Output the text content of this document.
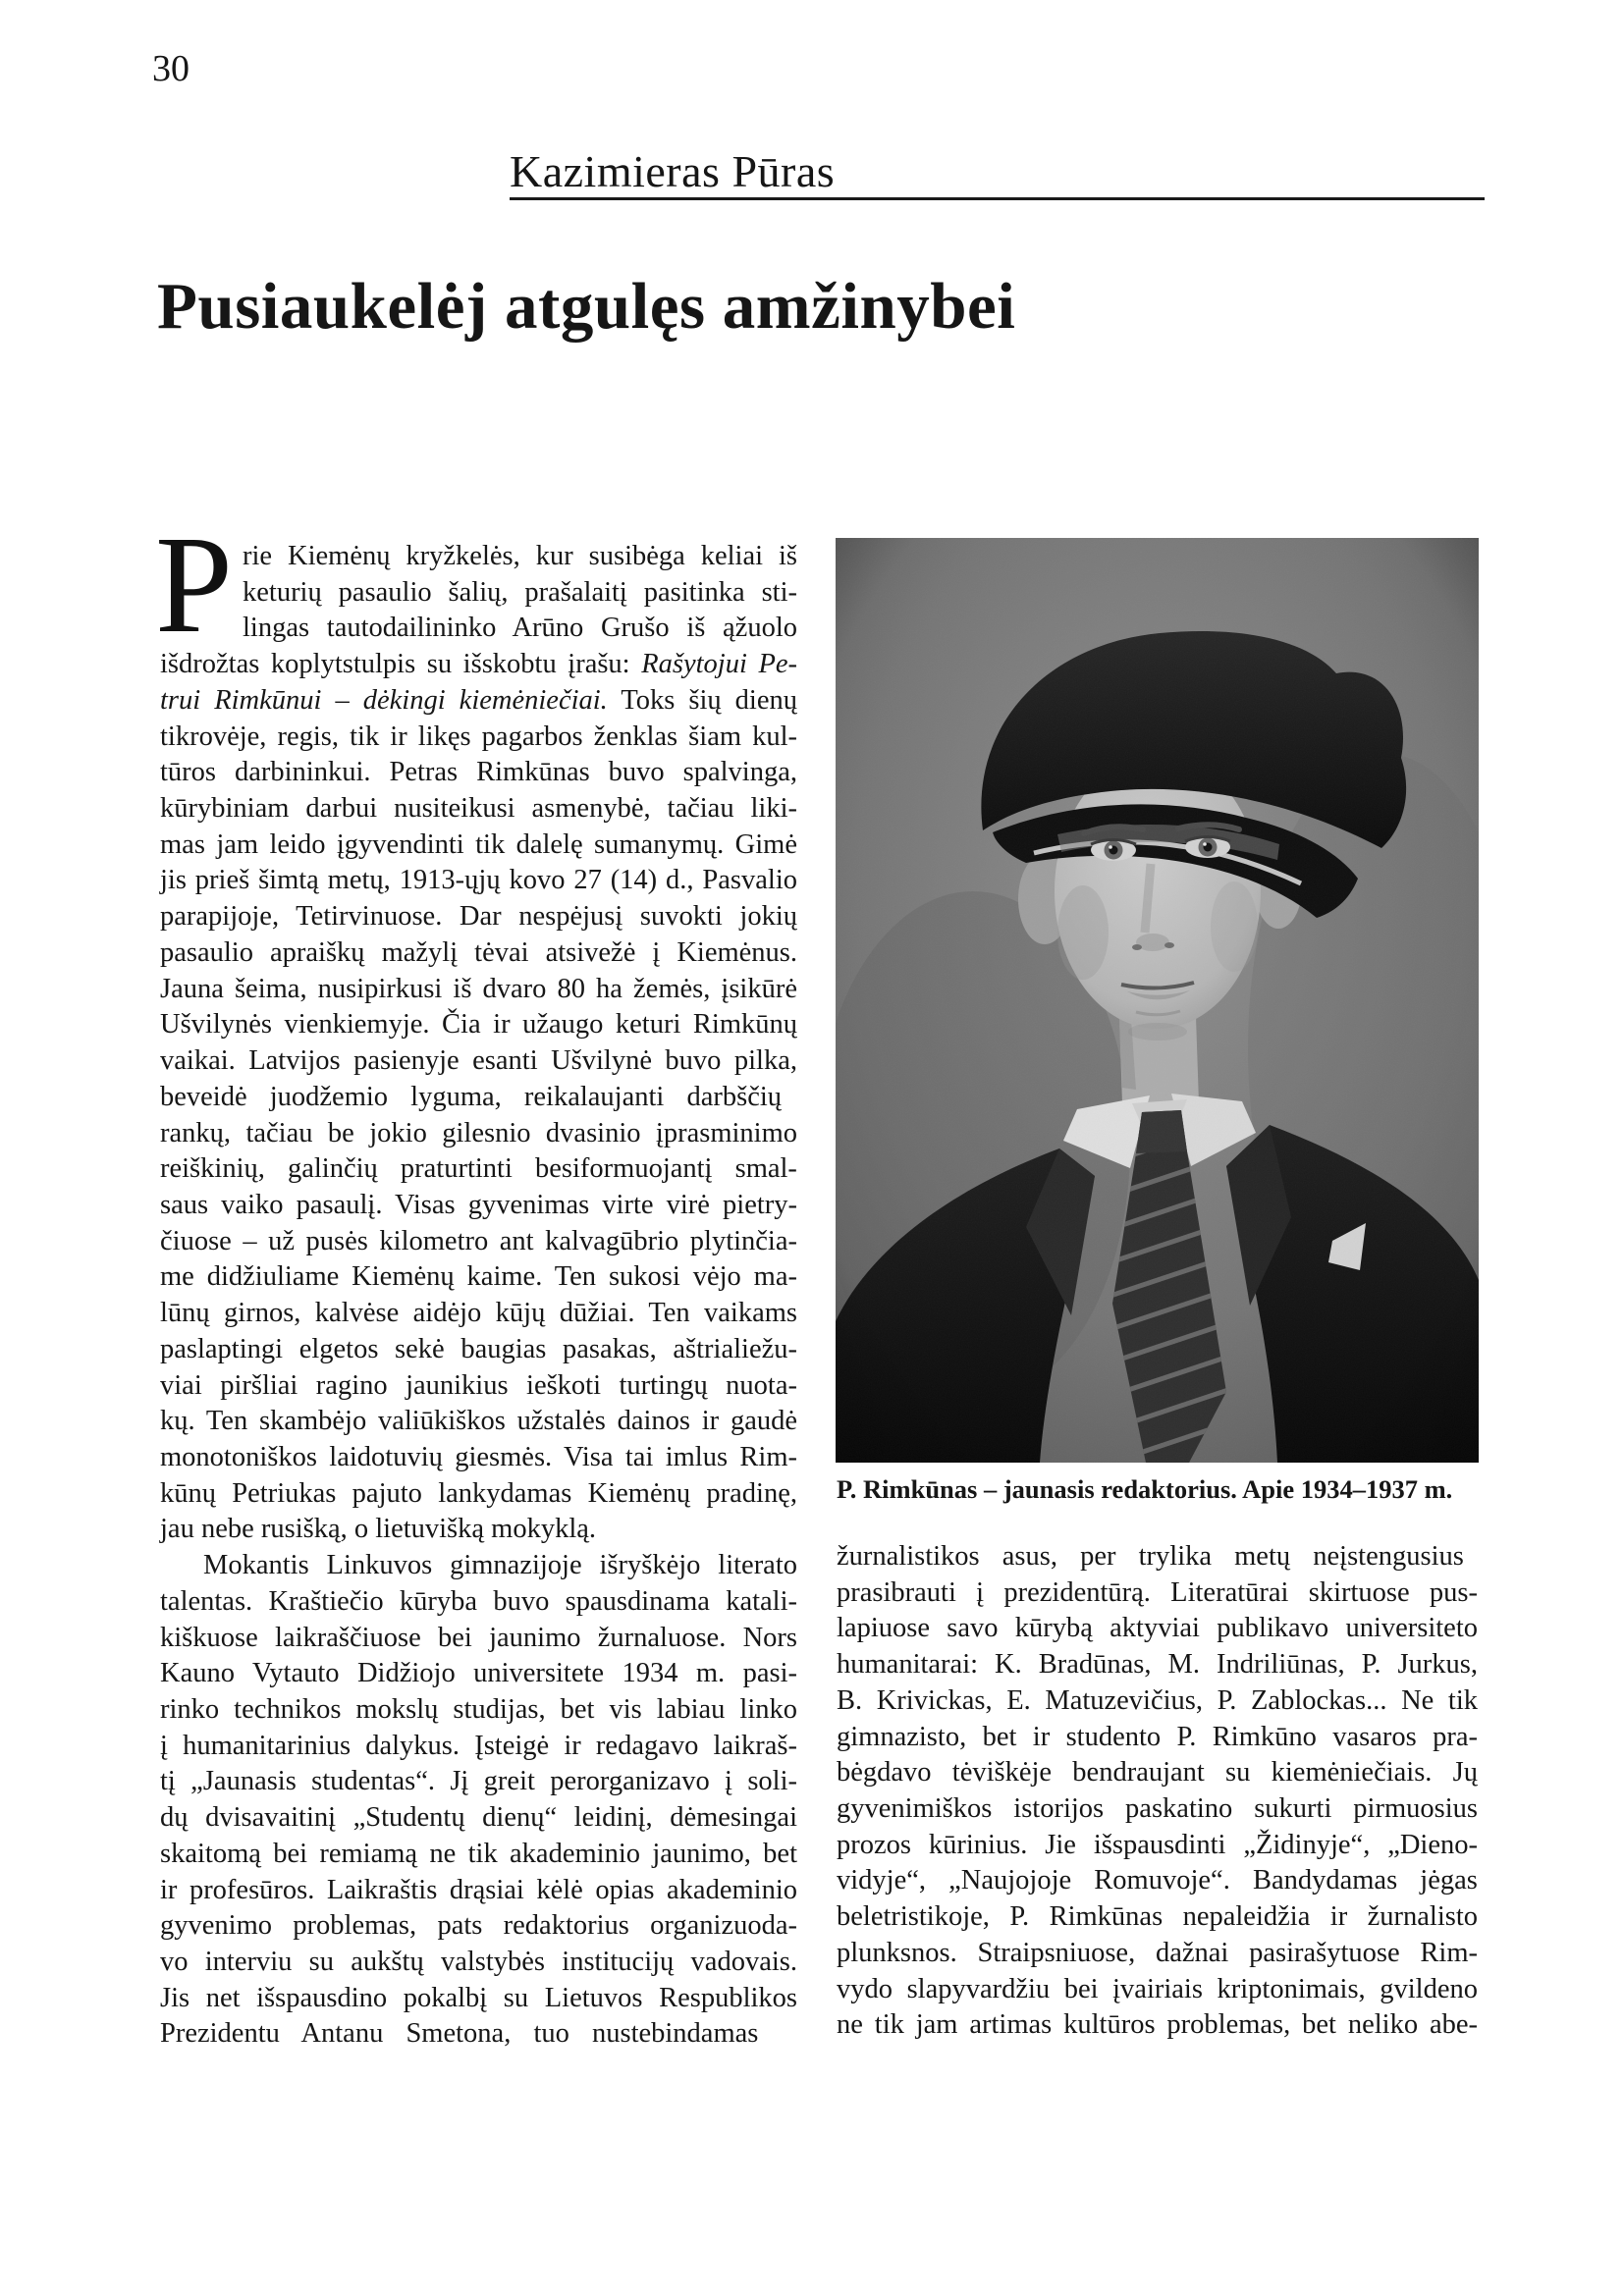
30
Kazimieras Pūras
Pusiaukelėj atgulęs amžinybei
P rie Kiemėnų kryžkelės, kur susibėga keliai iš
keturių pasaulio šalių, prašalaitį pasitinka sti-
lingas tautodailininko Arūno Grušo iš ąžuolo
išdrožtas koplytstulpis su išskobtu įrašu: Rašytojui Pe-
trui Rimkūnui – dėkingi kiemėniečiai. Toks šių dienų
tikrovėje, regis, tik ir likęs pagarbos ženklas šiam kul-
tūros darbininkui. Petras Rimkūnas buvo spalvinga,
kūrybiniam darbui nusiteikusi asmenybė, tačiau liki-
mas jam leido įgyvendinti tik dalelę sumanymų. Gimė
jis prieš šimtą metų, 1913-ųjų kovo 27 (14) d., Pasvalio
parapijoje, Tetirvinuose. Dar nespėjusį suvokti jokių
pasaulio apraiškų mažylį tėvai atsivežė į Kiemėnus.
Jauna šeima, nusipirkusi iš dvaro 80 ha žemės, įsikūrė
Ušvilynės vienkiemyje. Čia ir užaugo keturi Rimkūnų
vaikai. Latvijos pasienyje esanti Ušvilynė buvo pilka,
beveidė juodžemio lyguma, reikalaujanti darbščių
rankų, tačiau be jokio gilesnio dvasinio įprasminimo
reiškinių, galinčių praturtinti besiformuojantį smal-
saus vaiko pasaulį. Visas gyvenimas virte virė pietry-
čiuose – už pusės kilometro ant kalvagūbrio plytinčia-
me didžiuliame Kiemėnų kaime. Ten sukosi vėjo ma-
lūnų girnos, kalvėse aidėjo kūjų dūžiai. Ten vaikams
paslaptingi elgetos sekė baugias pasakas, aštrialiežu-
viai piršliai ragino jaunikius ieškoti turtingų nuota-
kų. Ten skambėjo valiūkiškos užstalės dainos ir gaudė
monotoniškos laidotuvių giesmės. Visa tai imlus Rim-
kūnų Petriukas pajuto lankydamas Kiemėnų pradinę,
jau nebe rusišką, o lietuvišką mokyklą.
Mokantis Linkuvos gimnazijoje išryškėjo literato
talentas. Kraštiečio kūryba buvo spausdinama katali-
kiškuose laikraščiuose bei jaunimo žurnaluose. Nors
Kauno Vytauto Didžiojo universitete 1934 m. pasi-
rinko technikos mokslų studijas, bet vis labiau linko
į humanitarinius dalykus. Įsteigė ir redagavo laikraš-
tį „Jaunasis studentas“. Jį greit perorganizavo į soli-
dų dvisavaitinį „Studentų dienų“ leidinį, dėmesingai
skaitomą bei remiamą ne tik akademinio jaunimo, bet
ir profesūros. Laikraštis drąsiai kėlė opias akademinio
gyvenimo problemas, pats redaktorius organizuoda-
vo interviu su aukštų valstybės institucijų vadovais.
Jis net išspausdino pokalbį su Lietuvos Respublikos
Prezidentu Antanu Smetona, tuo nustebindamas
P. Rimkūnas – jaunasis redaktorius. Apie 1934–1937 m.
žurnalistikos asus, per trylika metų neįstengusius
prasibrauti į prezidentūrą. Literatūrai skirtuose pus-
lapiuose savo kūrybą aktyviai publikavo universiteto
humanitarai: K. Bradūnas, M. Indriliūnas, P. Jurkus,
B. Krivickas, E. Matuzevičius, P. Zablockas... Ne tik
gimnazisto, bet ir studento P. Rimkūno vasaros pra-
bėgdavo tėviškėje bendraujant su kiemėniečiais. Jų
gyvenimiškos istorijos paskatino sukurti pirmuosius
prozos kūrinius. Jie išspausdinti „Židinyje“, „Dieno-
vidyje“, „Naujojoje Romuvoje“. Bandydamas jėgas
beletristikoje, P. Rimkūnas nepaleidžia ir žurnalisto
plunksnos. Straipsniuose, dažnai pasirašytuose Rim-
vydo slapyvardžiu bei įvairiais kriptonimais, gvildeno
ne tik jam artimas kultūros problemas, bet neliko abe-
